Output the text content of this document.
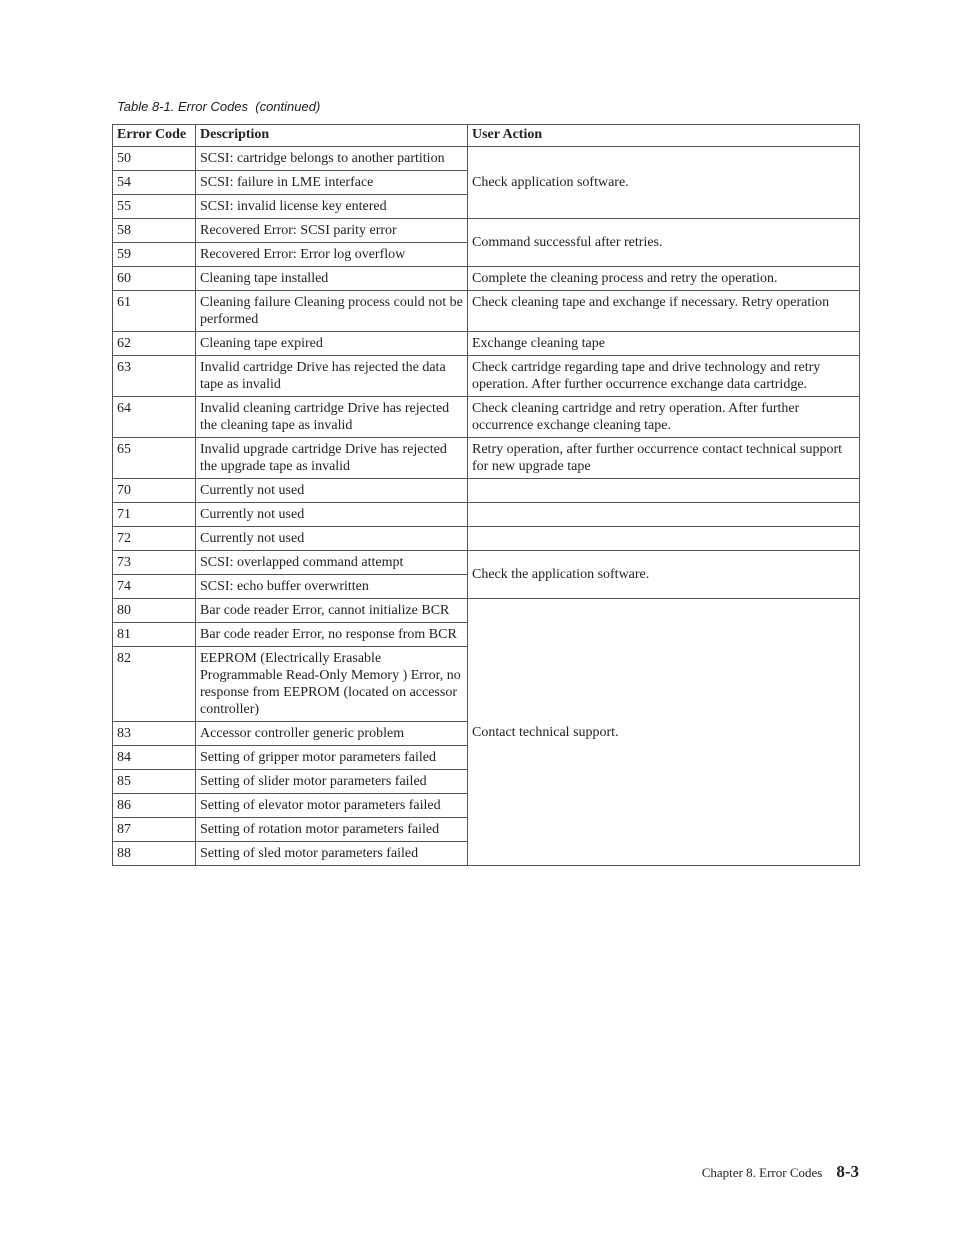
Table 8-1. Error Codes  (continued)
Error Code	Description	User Action
50	SCSI: cartridge belongs to another partition	Check application software.
54	SCSI: failure in LME interface	
55	SCSI: invalid license key entered	
58	Recovered Error: SCSI parity error	Command successful after retries.
59	Recovered Error: Error log overflow	
60	Cleaning tape installed	Complete the cleaning process and retry the operation.
61	Cleaning failure Cleaning process could not be performed	Check cleaning tape and exchange if necessary. Retry operation
62	Cleaning tape expired	Exchange cleaning tape
63	Invalid cartridge Drive has rejected the data tape as invalid	Check cartridge regarding tape and drive technology and retry operation. After further occurrence exchange data cartridge.
64	Invalid cleaning cartridge Drive has rejected the cleaning tape as invalid	Check cleaning cartridge and retry operation. After further occurrence exchange cleaning tape.
65	Invalid upgrade cartridge Drive has rejected the upgrade tape as invalid	Retry operation, after further occurrence contact technical support for new upgrade tape
70	Currently not used	
71	Currently not used	
72	Currently not used	
73	SCSI: overlapped command attempt	Check the application software.
74	SCSI: echo buffer overwritten	
80	Bar code reader Error, cannot initialize BCR	Contact technical support.
81	Bar code reader Error, no response from BCR	
82	EEPROM (Electrically Erasable Programmable Read-Only Memory ) Error, no response from EEPROM (located on accessor controller)	
83	Accessor controller generic problem	
84	Setting of gripper motor parameters failed	
85	Setting of slider motor parameters failed	
86	Setting of elevator motor parameters failed	
87	Setting of rotation motor parameters failed	
88	Setting of sled motor parameters failed	
Chapter 8. Error Codes 8-3
